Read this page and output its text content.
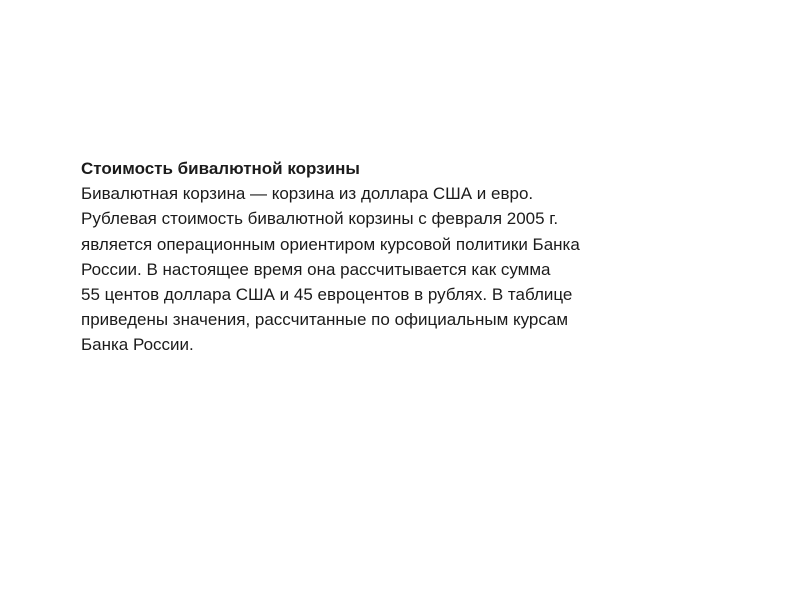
Стоимость бивалютной корзины
Бивалютная корзина — корзина из доллара США и евро.
Рублевая стоимость бивалютной корзины с февраля 2005 г.
является операционным ориентиром курсовой политики Банка
России. В настоящее время она рассчитывается как сумма
55 центов доллара США и 45 евроцентов в рублях. В таблице
приведены значения, рассчитанные по официальным курсам
Банка России.
